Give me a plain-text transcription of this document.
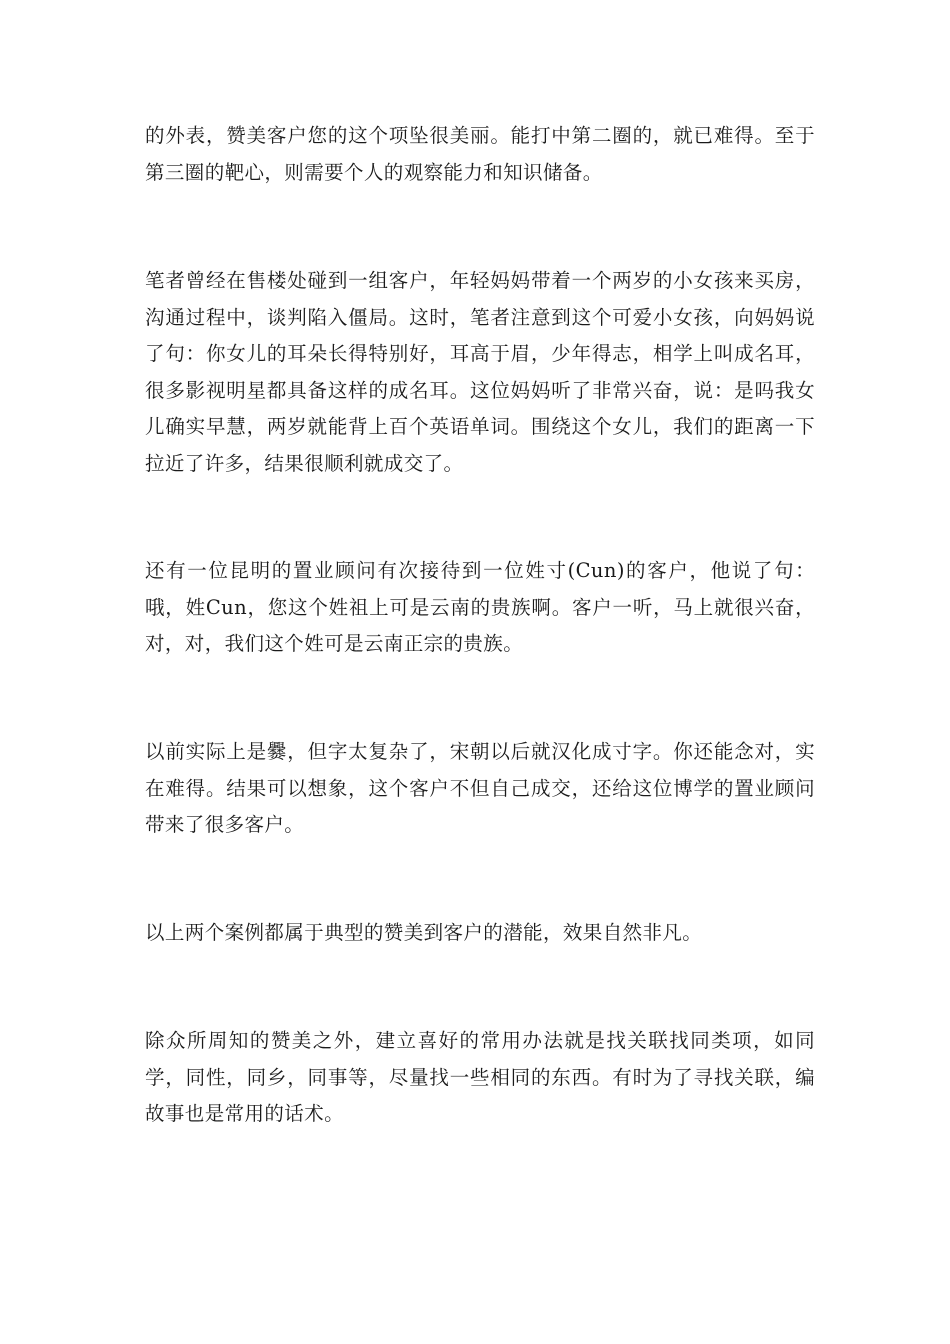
的外表，赞美客户您的这个项坠很美丽。能打中第二圈的，就已难得。至于第三圈的靶心，则需要个人的观察能力和知识储备。

笔者曾经在售楼处碰到一组客户，年轻妈妈带着一个两岁的小女孩来买房，沟通过程中，谈判陷入僵局。这时，笔者注意到这个可爱小女孩，向妈妈说了句：你女儿的耳朵长得特别好，耳高于眉，少年得志，相学上叫成名耳，很多影视明星都具备这样的成名耳。这位妈妈听了非常兴奋，说：是吗我女儿确实早慧，两岁就能背上百个英语单词。围绕这个女儿，我们的距离一下拉近了许多，结果很顺利就成交了。

还有一位昆明的置业顾问有次接待到一位姓寸(Cun)的客户，他说了句：哦，姓Cun，您这个姓祖上可是云南的贵族啊。客户一听，马上就很兴奋，对，对，我们这个姓可是云南正宗的贵族。

以前实际上是爨，但字太复杂了，宋朝以后就汉化成寸字。你还能念对，实在难得。结果可以想象，这个客户不但自己成交，还给这位博学的置业顾问带来了很多客户。

以上两个案例都属于典型的赞美到客户的潜能，效果自然非凡。

除众所周知的赞美之外，建立喜好的常用办法就是找关联找同类项，如同学，同性，同乡，同事等，尽量找一些相同的东西。有时为了寻找关联，编故事也是常用的话术。
